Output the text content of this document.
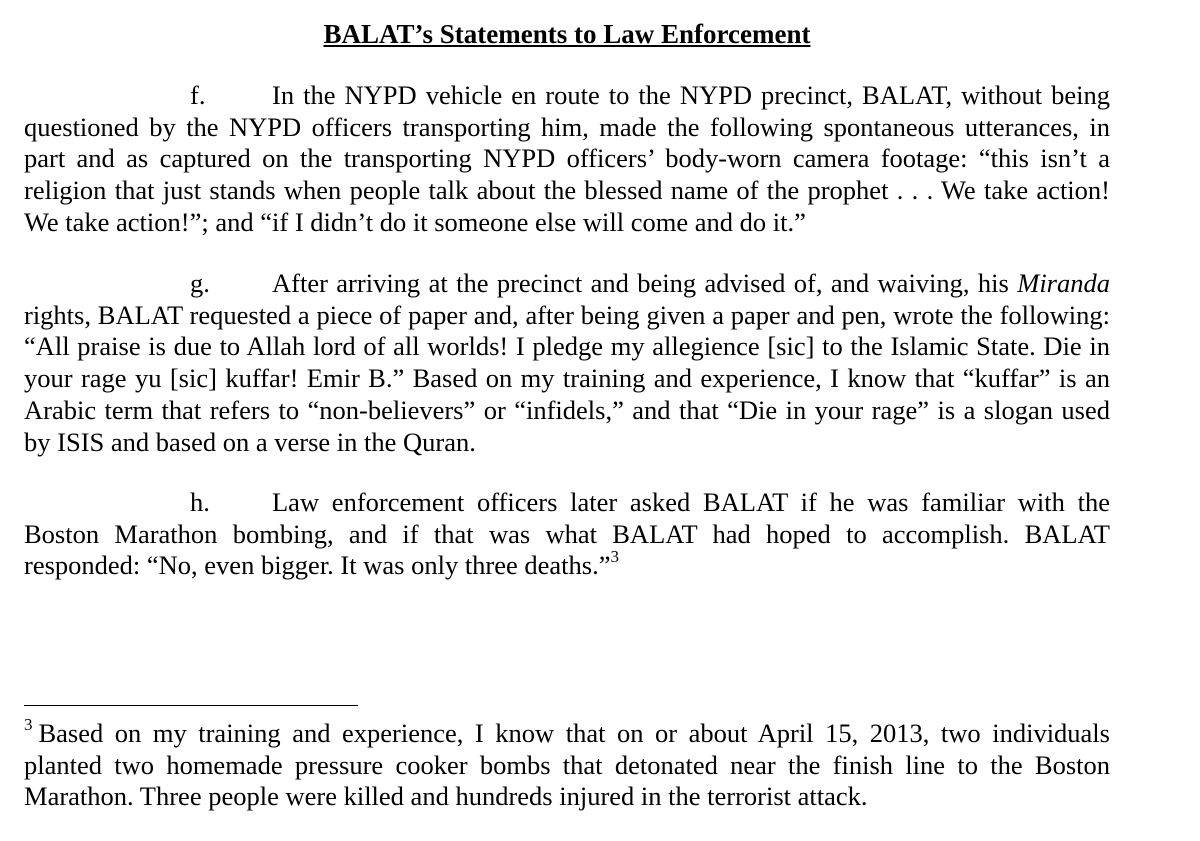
BALAT’s Statements to Law Enforcement

f.	In the NYPD vehicle en route to the NYPD precinct, BALAT, without being questioned by the NYPD officers transporting him, made the following spontaneous utterances, in part and as captured on the transporting NYPD officers’ body-worn camera footage: “this isn’t a religion that just stands when people talk about the blessed name of the prophet . . . We take action! We take action!”; and “if I didn’t do it someone else will come and do it.”

g. After arriving at the precinct and being advised of, and waiving, his Miranda rights, BALAT requested a piece of paper and, after being given a paper and pen, wrote the following: “All praise is due to Allah lord of all worlds! I pledge my allegience [sic] to the Islamic State. Die in your rage yu [sic] kuffar! Emir B.” Based on my training and experience, I know that “kuffar” is an Arabic term that refers to “non-believers” or “infidels,” and that “Die in your rage” is a slogan used by ISIS and based on a verse in the Quran.

h. Law enforcement officers later asked BALAT if he was familiar with the Boston Marathon bombing, and if that was what BALAT had hoped to accomplish. BALAT responded: “No, even bigger. It was only three deaths.”$^3$

$^3$ Based on my training and experience, I know that on or about April 15, 2013, two individuals planted two homemade pressure cooker bombs that detonated near the finish line to the Boston Marathon. Three people were killed and hundreds injured in the terrorist attack.
